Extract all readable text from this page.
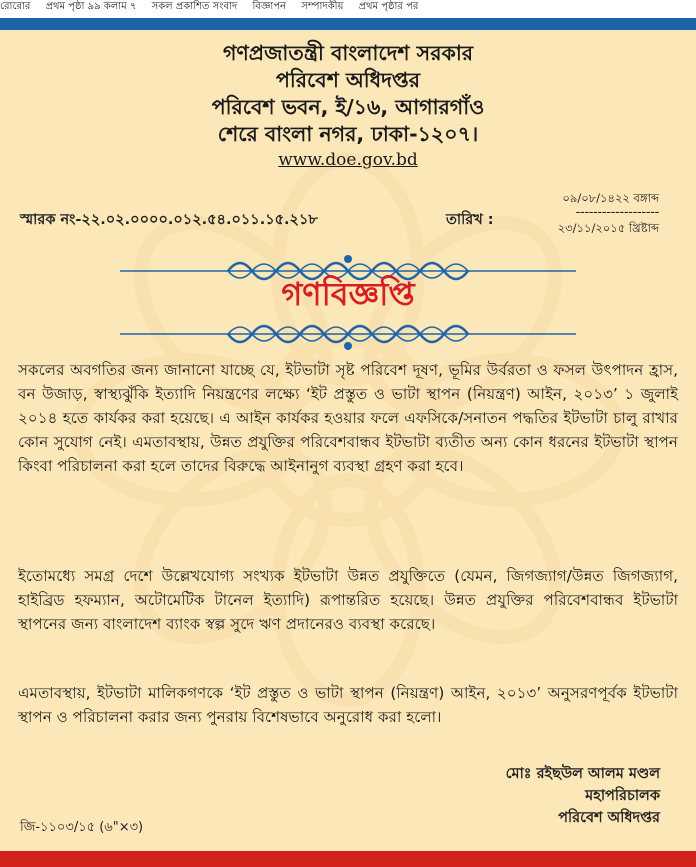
রোরোর প্রথম পৃষ্ঠা ৯৯ কলাম ৭ সকল প্রকাশিত সংবাদ বিজ্ঞাপন সম্পাদকীয় প্রথম পৃষ্ঠার পর
গণপ্রজাতন্ত্রী বাংলাদেশ সরকার
পরিবেশ অধিদপ্তর
পরিবেশ ভবন, ই/১৬, আগারগাঁও
শেরে বাংলা নগর, ঢাকা-১২০৭।
www.doe.gov.bd
স্মারক নং-২২.০২.০০০০.০১২.৫৪.০১১.১৫.২১৮	তারিখ :
০৯/০৮/১৪২২ বঙ্গাব্দ
-------------------
২৩/১১/২০১৫ খ্রিষ্টাব্দ
গণবিজ্ঞপ্তি
সকলের অবগতির জন্য জানানো যাচ্ছে যে, ইটভাটা সৃষ্ট পরিবেশ দূষণ, ভূমির উর্বরতা ও ফসল উৎপাদন হ্রাস, বন উজাড়, স্বাস্থ্যঝুঁকি ইত্যাদি নিয়ন্ত্রণের লক্ষ্যে ‘ইট প্রস্তুত ও ভাটা স্থাপন (নিয়ন্ত্রণ) আইন, ২০১৩’ ১ জুলাই ২০১৪ হতে কার্যকর করা হয়েছে। এ আইন কার্যকর হওয়ার ফলে এফসিকে/সনাতন পদ্ধতির ইটভাটা চালু রাখার কোন সুযোগ নেই। এমতাবস্থায়, উন্নত প্রযুক্তির পরিবেশবান্ধব ইটভাটা ব্যতীত অন্য কোন ধরনের ইটভাটা স্থাপন কিংবা পরিচালনা করা হলে তাদের বিরুদ্ধে আইনানুগ ব্যবস্থা গ্রহণ করা হবে।
ইতোমধ্যে সমগ্র দেশে উল্লেখযোগ্য সংখ্যক ইটভাটা উন্নত প্রযুক্তিতে (যেমন, জিগজ্যাগ/উন্নত জিগজ্যাগ, হাইব্রিড হফম্যান, অটোমেটিক টানেল ইত্যাদি) রূপান্তরিত হয়েছে। উন্নত প্রযুক্তির পরিবেশবান্ধব ইটভাটা স্থাপনের জন্য বাংলাদেশ ব্যাংক স্বল্প সুদে ঋণ প্রদানেরও ব্যবস্থা করেছে।
এমতাবস্থায়, ইটভাটা মালিকগণকে ‘ইট প্রস্তুত ও ভাটা স্থাপন (নিয়ন্ত্রণ) আইন, ২০১৩’ অনুসরণপূর্বক ইটভাটা স্থাপন ও পরিচালনা করার জন্য পুনরায় বিশেষভাবে অনুরোধ করা হলো।
মোঃ রইছউল আলম মণ্ডল
মহাপরিচালক
পরিবেশ অধিদপ্তর
জি-১১০৩/১৫ (৬"×৩)
